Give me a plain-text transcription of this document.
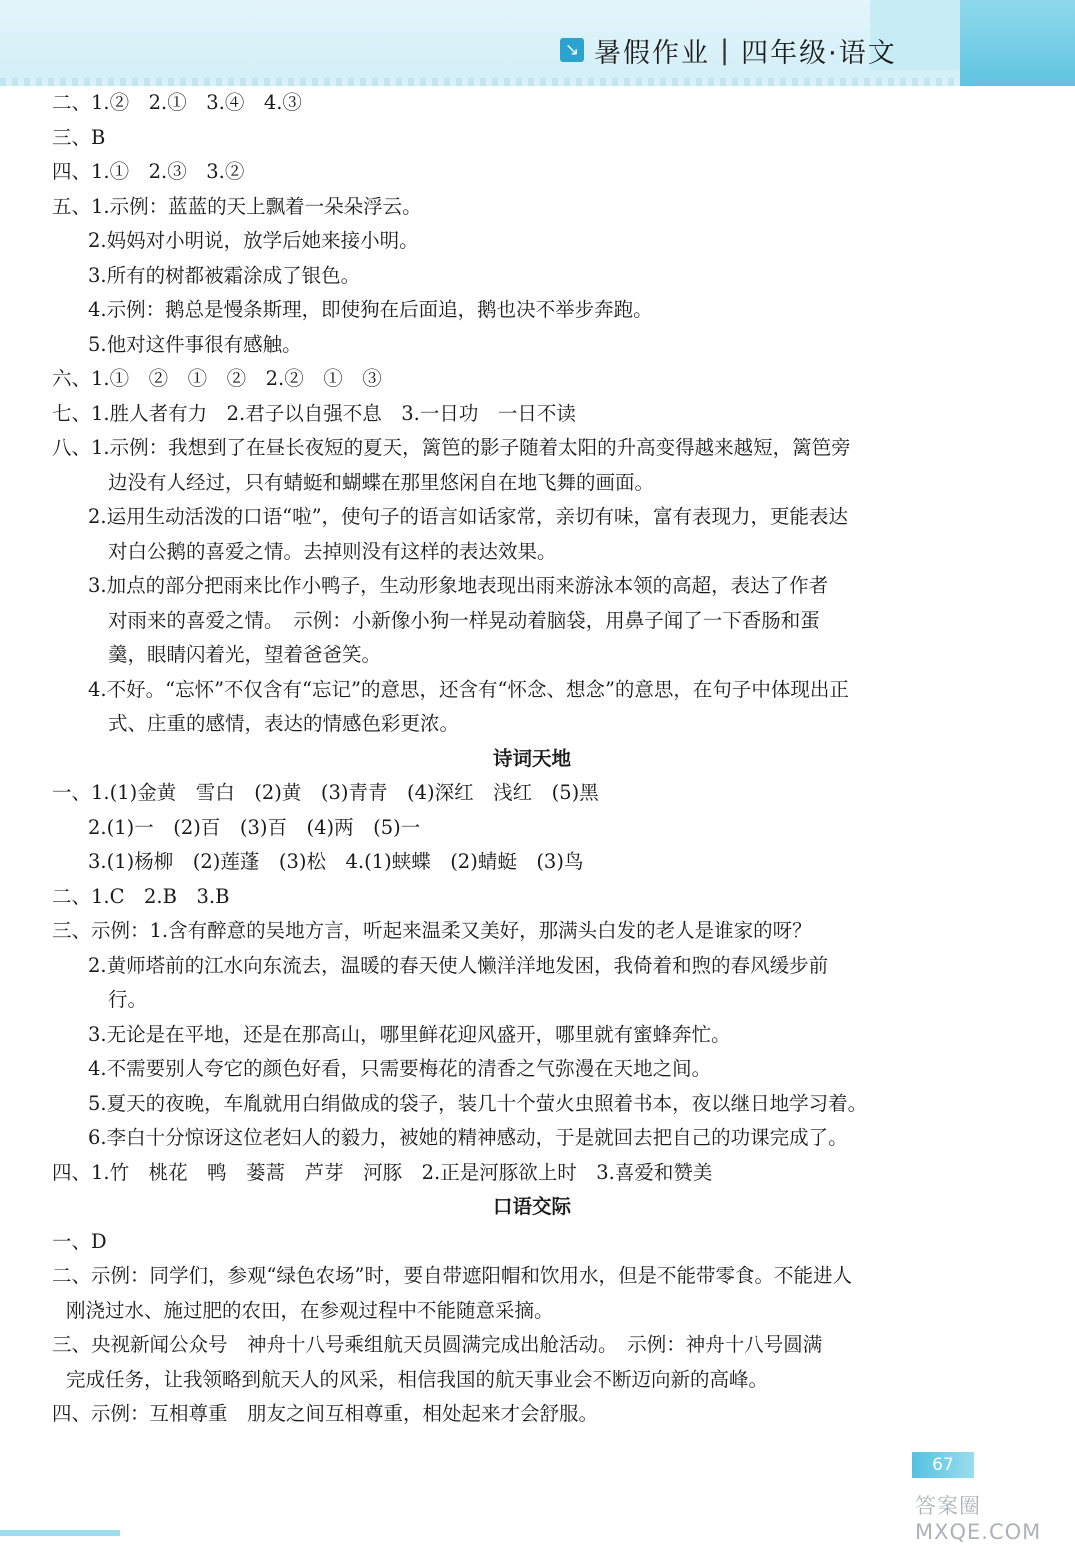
↘ 暑假作业 | 四年级·语文
二、1.②　2.①　3.④　4.③
三、B
四、1.①　2.③　3.②
五、1.示例：蓝蓝的天上飘着一朵朵浮云。
2.妈妈对小明说，放学后她来接小明。
3.所有的树都被霜涂成了银色。
4.示例：鹅总是慢条斯理，即使狗在后面追，鹅也决不举步奔跑。
5.他对这件事很有感触。
六、1.①　②　①　②　2.②　①　③
七、1.胜人者有力　2.君子以自强不息　3.一日功　一日不读
八、1.示例：我想到了在昼长夜短的夏天，篱笆的影子随着太阳的升高变得越来越短，篱笆旁
边没有人经过，只有蜻蜓和蝴蝶在那里悠闲自在地飞舞的画面。
2.运用生动活泼的口语“啦”，使句子的语言如话家常，亲切有味，富有表现力，更能表达
对白公鹅的喜爱之情。去掉则没有这样的表达效果。
3.加点的部分把雨来比作小鸭子，生动形象地表现出雨来游泳本领的高超，表达了作者
对雨来的喜爱之情。　示例：小新像小狗一样晃动着脑袋，用鼻子闻了一下香肠和蛋
羹，眼睛闪着光，望着爸爸笑。
4.不好。“忘怀”不仅含有“忘记”的意思，还含有“怀念、想念”的意思，在句子中体现出正
式、庄重的感情，表达的情感色彩更浓。
诗词天地
一、1.(1)金黄　雪白　(2)黄　(3)青青　(4)深红　浅红　(5)黑
2.(1)一　(2)百　(3)百　(4)两　(5)一
3.(1)杨柳　(2)莲蓬　(3)松　4.(1)蛱蝶　(2)蜻蜓　(3)鸟
二、1.C　2.B　3.B
三、示例：1.含有醉意的吴地方言，听起来温柔又美好，那满头白发的老人是谁家的呀？
2.黄师塔前的江水向东流去，温暖的春天使人懒洋洋地发困，我倚着和煦的春风缓步前
行。
3.无论是在平地，还是在那高山，哪里鲜花迎风盛开，哪里就有蜜蜂奔忙。
4.不需要别人夸它的颜色好看，只需要梅花的清香之气弥漫在天地之间。
5.夏天的夜晚，车胤就用白绢做成的袋子，装几十个萤火虫照着书本，夜以继日地学习着。
6.李白十分惊讶这位老妇人的毅力，被她的精神感动，于是就回去把自己的功课完成了。
四、1.竹　桃花　鸭　蒌蒿　芦芽　河豚　2.正是河豚欲上时　3.喜爱和赞美
口语交际
一、D
二、示例：同学们，参观“绿色农场”时，要自带遮阳帽和饮用水，但是不能带零食。不能进人
刚浇过水、施过肥的农田，在参观过程中不能随意采摘。
三、央视新闻公众号　神舟十八号乘组航天员圆满完成出舱活动。　示例：神舟十八号圆满
完成任务，让我领略到航天人的风采，相信我国的航天事业会不断迈向新的高峰。
四、示例：互相尊重　朋友之间互相尊重，相处起来才会舒服。
67
答案圈 MXQE.COM
